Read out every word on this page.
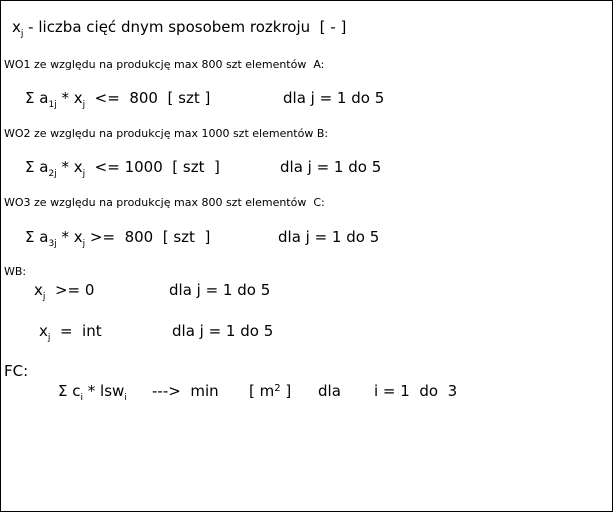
$x_j$ - liczba cięć dnym sposobem rozkroju  [ - ]
WO1 ze względu na produkcję max 800 szt elementów  A:
Σ $a_{1j} * x_j <= 800$  [ szt ]	dla j = 1 do 5
WO2 ze względu na produkcję max 1000 szt elementów B:
Σ $a_{2j} * x_j <= 1000$  [ szt  ]	dla j = 1 do 5
WO3 ze względu na produkcję max 800 szt elementów  C:
Σ $a_{3j} * x_j >= 800$  [ szt  ]	dla j = 1 do 5
WB:
$x_j >= 0$	dla j = 1 do 5
$x_j$  =  int	dla j = 1 do 5
FC:
Σ $c_i * lsw_i$ --->  min [ $m^2$ ] dla i = 1  do  3
